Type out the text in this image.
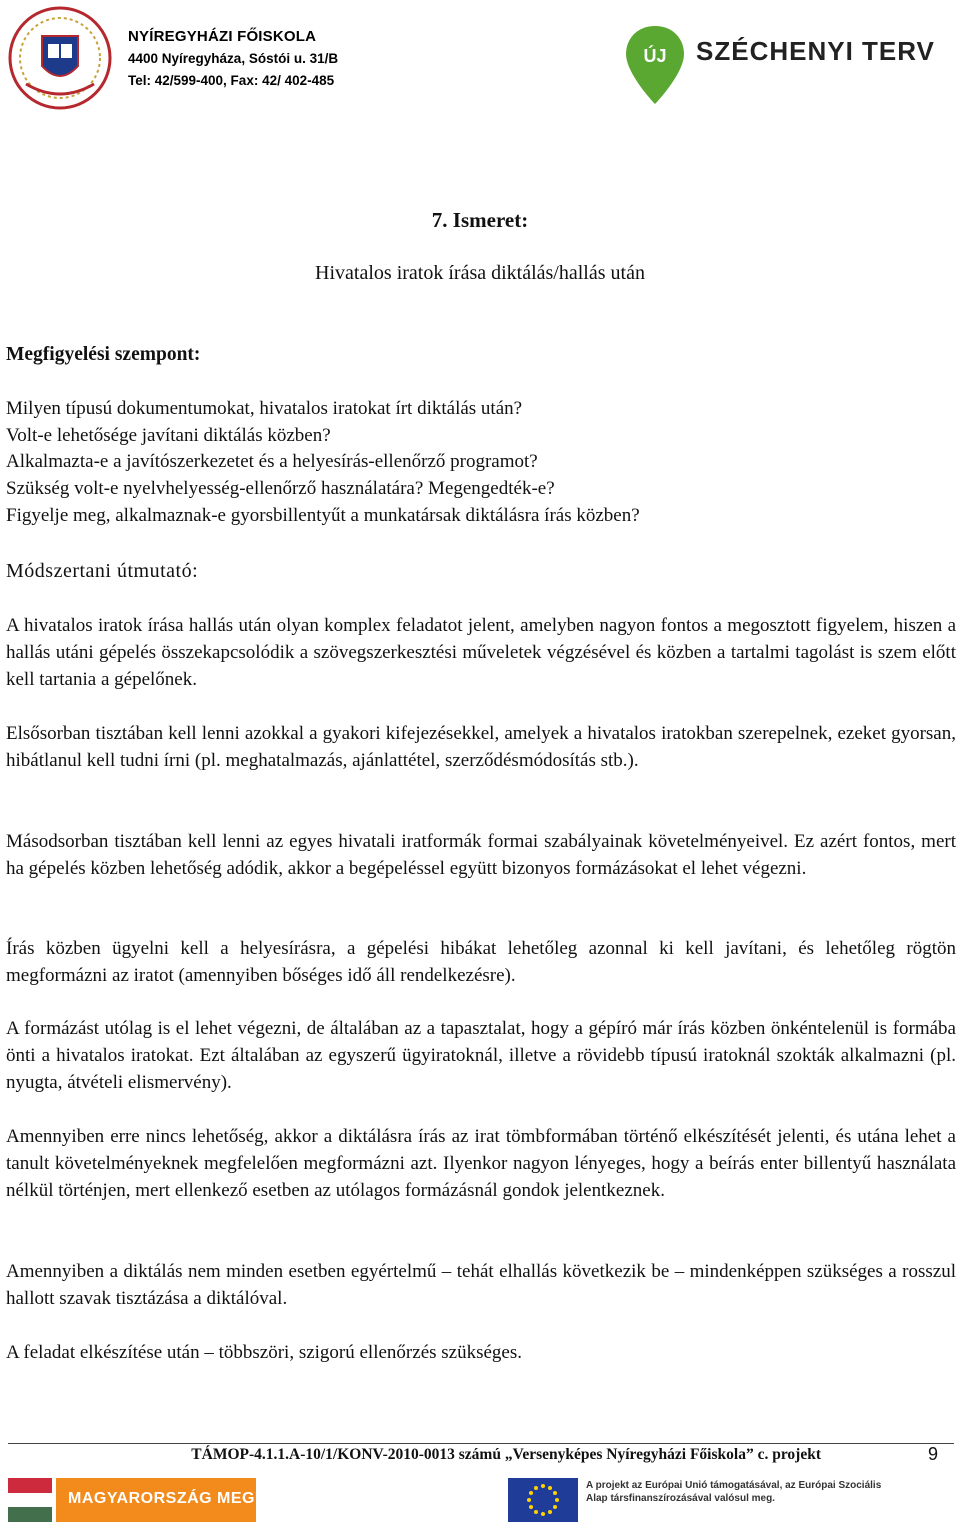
NYÍREGYHÁZI FŐISKOLA
4400 Nyíregyháza, Sóstói u. 31/B
Tel: 42/599-400, Fax: 42/ 402-485
ÚJ SZÉCHENYI TERV
7. Ismeret:
Hivatalos iratok írása diktálás/hallás után
Megfigyelési szempont:
Milyen típusú dokumentumokat, hivatalos iratokat írt diktálás után?
Volt-e lehetősége javítani diktálás közben?
Alkalmazta-e a javítószerkezetet és a helyesírás-ellenőrző programot?
Szükség volt-e nyelvhelyesség-ellenőrző használatára? Megengedték-e?
Figyelje meg, alkalmaznak-e gyorsbillentyűt a munkatársak diktálásra írás közben?
Módszertani útmutató:

A hivatalos iratok írása hallás után olyan komplex feladatot jelent, amelyben nagyon fontos a megosztott figyelem, hiszen a hallás utáni gépelés összekapcsolódik a szövegszerkesztési műveletek végzésével és közben a tartalmi tagolást is szem előtt kell tartania a gépelőnek.

Elsősorban tisztában kell lenni azokkal a gyakori kifejezésekkel, amelyek a hivatalos iratokban szerepelnek, ezeket gyorsan, hibátlanul kell tudni írni (pl. meghatalmazás, ajánlattétel, szerződésmódosítás stb.).

Másodsorban tisztában kell lenni az egyes hivatali iratformák formai szabályainak követelményeivel. Ez azért fontos, mert ha gépelés közben lehetőség adódik, akkor a begépeléssel együtt bizonyos formázásokat el lehet végezni.

Írás közben ügyelni kell a helyesírásra, a gépelési hibákat lehetőleg azonnal ki kell javítani, és lehetőleg rögtön megformázni az iratot (amennyiben bőséges idő áll rendelkezésre).

A formázást utólag is el lehet végezni, de általában az a tapasztalat, hogy a gépíró már írás közben önkéntelenül is formába önti a hivatalos iratokat. Ezt általában az egyszerű ügyiratoknál, illetve a rövidebb típusú iratoknál szokták alkalmazni (pl. nyugta, átvételi elismervény).

Amennyiben erre nincs lehetőség, akkor a diktálásra írás az irat tömbformában történő elkészítését jelenti, és utána lehet a tanult követelményeknek megfelelően megformázni azt. Ilyenkor nagyon lényeges, hogy a beírás enter billentyű használata nélkül történjen, mert ellenkező esetben az utólagos formázásnál gondok jelentkeznek.

Amennyiben a diktálás nem minden esetben egyértelmű – tehát elhallás következik be – mindenképpen szükséges a rosszul hallott szavak tisztázása a diktálóval.

A feladat elkészítése után – többszöri, szigorú ellenőrzés szükséges.

TÁMOP-4.1.1.A-10/1/KONV-2010-0013 számú „Versenyképes Nyíregyházi Főiskola” c. projekt	9
MAGYARORSZÁG MEGÚJUL
A projekt az Európai Unió támogatásával, az Európai Szociális Alap társfinanszírozásával valósul meg.
